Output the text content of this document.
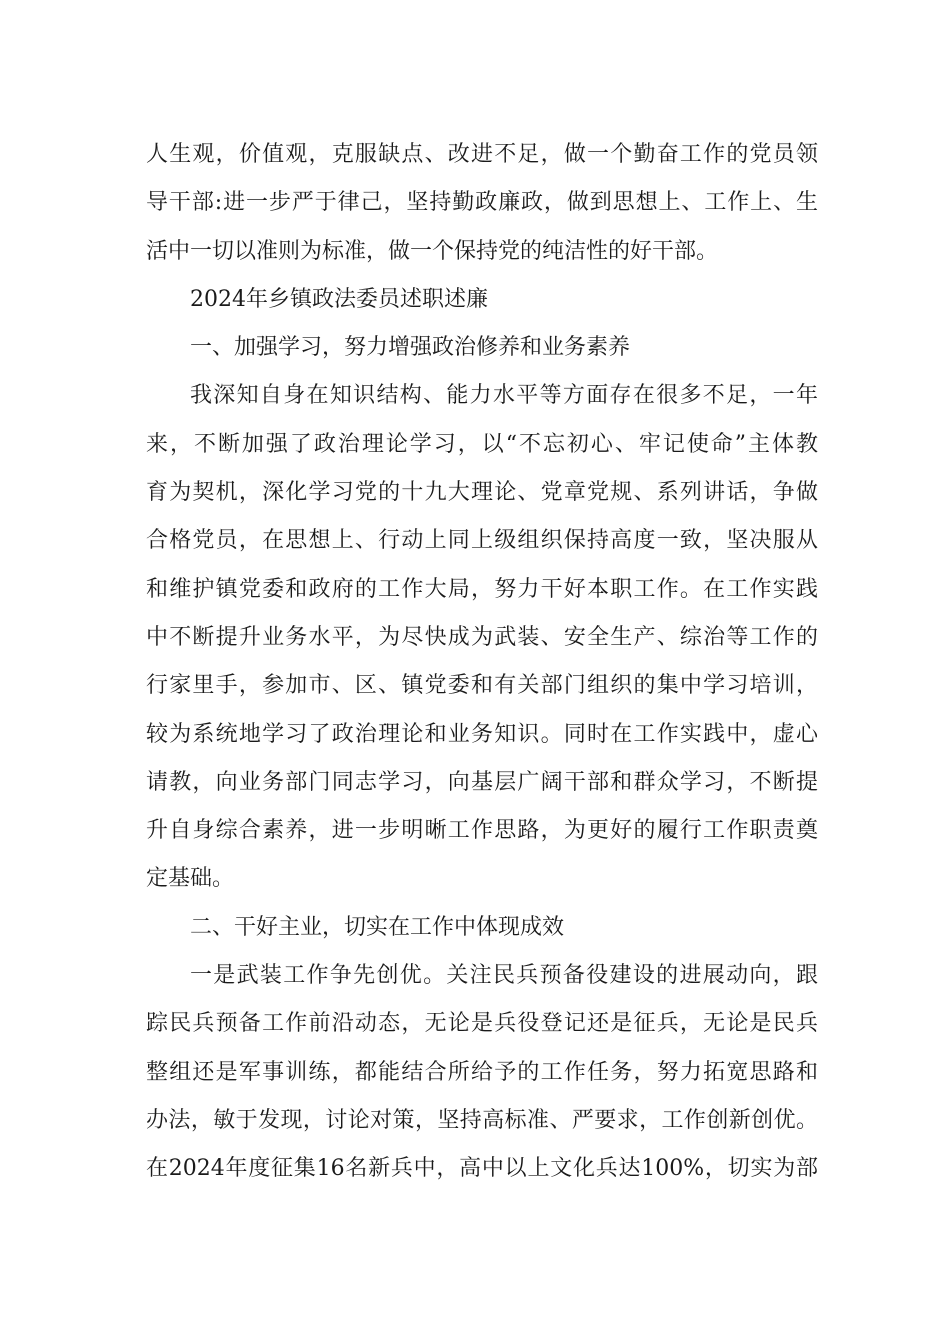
人生观，价值观，克服缺点、改进不足，做一个勤奋工作的党员领
导干部:进一步严于律己，坚持勤政廉政，做到思想上、工作上、生
活中一切以准则为标准，做一个保持党的纯洁性的好干部。
2024年乡镇政法委员述职述廉
一、加强学习，努力增强政治修养和业务素养
我深知自身在知识结构、能力水平等方面存在很多不足，一年
来，不断加强了政治理论学习，以“不忘初心、牢记使命”主体教
育为契机，深化学习党的十九大理论、党章党规、系列讲话，争做
合格党员，在思想上、行动上同上级组织保持高度一致，坚决服从
和维护镇党委和政府的工作大局，努力干好本职工作。在工作实践
中不断提升业务水平，为尽快成为武装、安全生产、综治等工作的
行家里手，参加市、区、镇党委和有关部门组织的集中学习培训，
较为系统地学习了政治理论和业务知识。同时在工作实践中，虚心
请教，向业务部门同志学习，向基层广阔干部和群众学习，不断提
升自身综合素养，进一步明晰工作思路，为更好的履行工作职责奠
定基础。
二、干好主业，切实在工作中体现成效
一是武装工作争先创优。关注民兵预备役建设的进展动向，跟
踪民兵预备工作前沿动态，无论是兵役登记还是征兵，无论是民兵
整组还是军事训练，都能结合所给予的工作任务，努力拓宽思路和
办法，敏于发现，讨论对策，坚持高标准、严要求，工作创新创优。
在2024年度征集16名新兵中，高中以上文化兵达100%，切实为部
